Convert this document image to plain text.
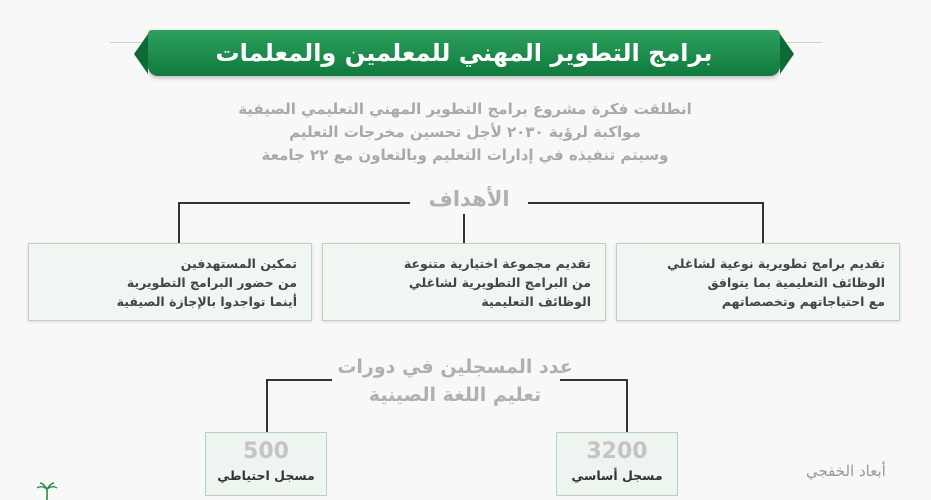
برامج التطوير المهني للمعلمين والمعلمات
انطلقت فكرة مشروع برامج التطوير المهني التعليمي الصيفية
مواكبة لرؤية ٢٠٣٠ لأجل تحسين مخرجات التعليم
وسيتم تنفيذه في إدارات التعليم وبالتعاون مع ٢٢ جامعة
الأهداف
تقديم برامج تطويرية نوعية لشاغلي
الوظائف التعليمية بما يتوافق
مع احتياجاتهم وتخصصاتهم
تقديم مجموعة اختيارية متنوعة
من البرامج التطويرية لشاغلي
الوظائف التعليمية
تمكين المستهدفين
من حضور البرامج التطويرية
أينما تواجدوا بالإجازة الصيفية
عدد المسجلين في دورات
تعليم اللغة الصينية
3200
مسجل أساسي
500
مسجل احتياطي	أبعاد الخفجي
